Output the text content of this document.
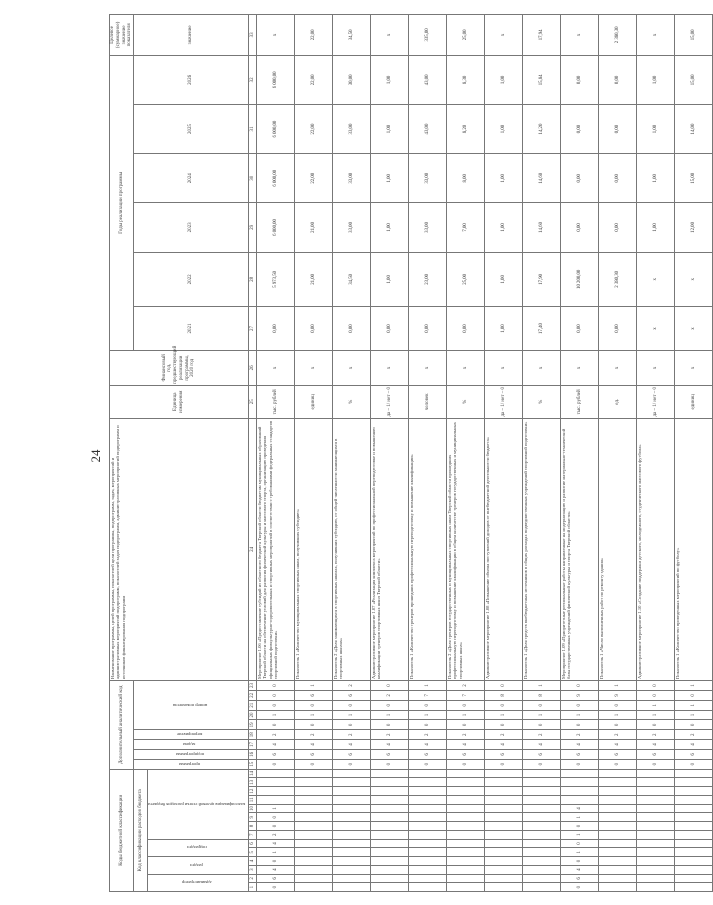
24
Коды бюджетной классификации														Дополнительный аналитический код									Наименование программы, целей программы, показателей цели программы, подпрограмм, задач, мероприятий и административных мероприятий подпрограмм, показателей задач подпрограмм, административных мероприятий подпрограмм и источников финансирования подпрограмм	Единица измерения	Финансовый год, предшествующий реализации программы, 2020 год	Годы реализации программы						Целевое (суммарное) значение показателя
Код классификации расходов бюджета														программа	подпрограмма	задача	мероприятие	номер показателя								2021	2022	2023	2024	2025	2026	значение
администратор		раздел		подраздел		классификация целевой статьи расходов бюджета																										
1	2	3	4	5	6	7	8	9	10	11	12	13	14	15	16	17	18	19	20	21	22	23	24	25	26	27	28	29	30	31	32	33
0	6	4	0	1	4	2	0	0	1					0	6	4	2	0	1	0	0	0	Мероприятие 1.06 «Предоставление субсидий из областного бюджета Тверской области бюджетам муниципальных образований Тверской области на обеспечение условий для развития физической культуры и массового спорта, организацию проведения официальных физкультурно-оздоровительных и спортивных мероприятий в соответствии с требованиями федеральных стандартов спортивной подготовки»	тыс. рублей	х	0,00	5 973,50	6 000,00	6 000,00	6 000,00	6 000,00	х
														0	6	4	2	0	1	0	6	1	Показатель 1 «Количество муниципальных спортивных школ, получивших субсидию»	единиц	х	0,00	21,00	21,00	22,00	22,00	22,00	22,00
														0	6	4	2	0	1	0	6	2	Показатель 2 «Доля занимающихся в спортивных школах, получивших субсидию, от общей численности занимающихся в спортивных школах»	%	х	0,00	34,50	33,00	33,00	33,00	30,00	34,50
														0	6	4	2	0	1	0	2	0	Административное мероприятие 1.07 «Реализация комплекса мероприятий по профессиональной переподготовке и повышению квалификации тренеров спортивных школ Тверской области»	да – 1/ нет – 0	х	0,00	1,00	1,00	1,00	1,00	1,00	х
														0	6	4	2	0	1	0	7	1	Показатель 1 «Количество тренеров прошедших профессиональную переподготовку и повышение квалификации»	человек	х	0,00	23,00	33,00	33,00	43,00	43,00	335,00
														0	6	4	2	0	1	0	7	2	Показатель 2 «Доля тренеров государственных и муниципальных спортивных школ Тверской области прошедших профессиональную переподготовку и повышение квалификации в общем количестве тренеров государственных и муниципальных спортивных школ»	%	х	0,00	25,00	7,00	8,00	8,20	8,30	25,00
														0	6	4	2	0	1	0	8	0	Административное мероприятие 1.08 «Повышение объема поступлений доходов от внебюджетной деятельности бюджета»	да – 1/ нет – 0	х	1,00	1,00	1,00	1,00	1,00	1,00	х
														0	6	4	2	0	1	0	8	1	Показатель 1 «Доля средств внебюджетных источников в общих расходах подведомственных учреждений спортивной подготовки»	%	х	17,40	17,90	14,60	14,60	14,20	15,84	17,94
0	6	4	0	1	0	1	0	1	4					0	6	4	2	0	1	0	9	0	Мероприятие 1.09 «Приоритетные региональные работы направленные на модернизацию и развитие материально-технической базы государственных учреждений физической культуры и спорта Тверской области»	тыс. рублей	х	0,00	10 200,00	0,00	0,00	0,00	0,00	х
														0	6	4	2	0	1	0	9	1	Показатель 1 «Число выполненных работ по ремонту здания»	ед.	х	0,00	2 380,30	0,00	0,00	0,00	0,00	2 380,30
														0	6	4	2	0	1	1	0	0	Административное мероприятие 1.10 «Создание поддержки детского, молодежного, студенческого массового футбола»	да – 1/ нет – 0	х	х	х	1,00	1,00	1,00	1,00	х
														0	6	4	2	0	1	1	0	1	Показатель 1 «Количество проведенных мероприятий по футболу»	единиц	х	х	х	12,00	15,00	14,00	15,00	15,00
